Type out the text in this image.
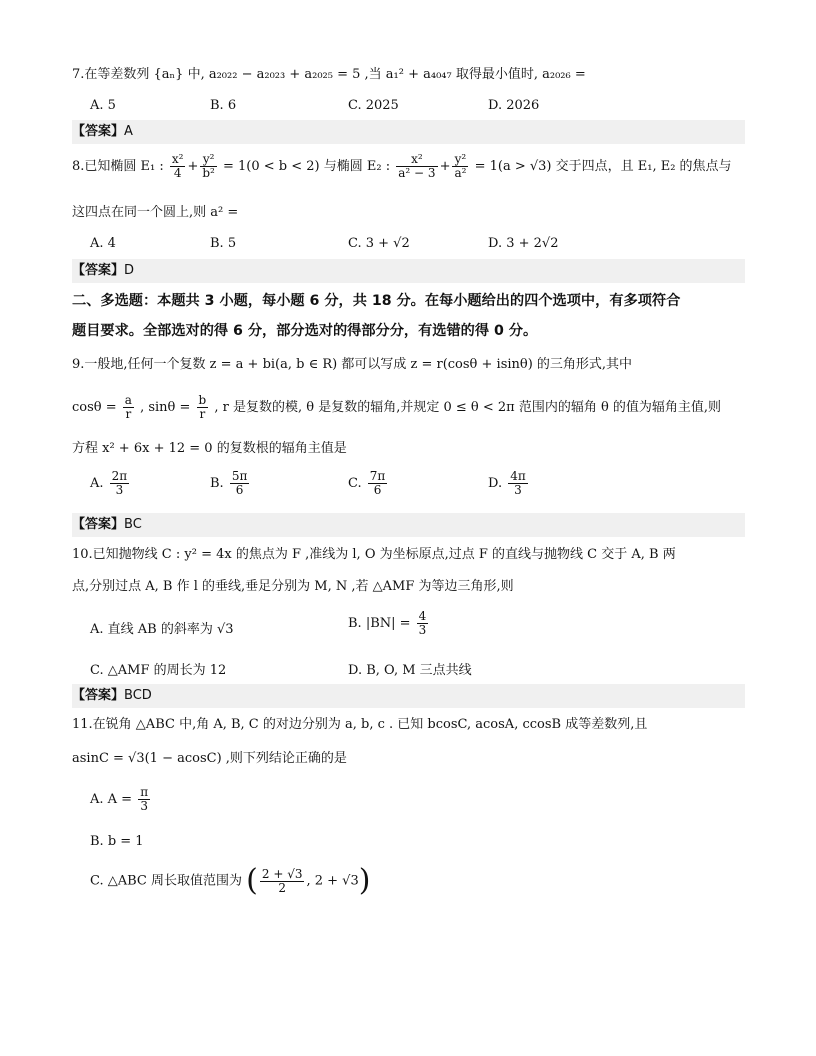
7.在等差数列 {aₙ} 中, a₂₀₂₂ − a₂₀₂₃ + a₂₀₂₅ = 5 ,当 a₁² + a₄₀₄₇ 取得最小值时, a₂₀₂₆ =
A. 5	B. 6	C. 2025	D. 2026
【答案】A
8.已知椭圆 E₁ : $\frac{\text{x²}}{4} + \frac{\text{y²}}{\text{b²}} = 1(0 < b < 2)$ 与椭圆 E₂ : $\frac{\text{x²}}{\text{a² − 3}} + \frac{\text{y²}}{\text{a²}} = 1(a > √3)$ 交于四点，且 E₁, E₂ 的焦点与
这四点在同一个圆上,则 a² =
A. 4	B. 5	C. 3 + √2	D. 3 + 2√2
【答案】D
二、多选题：本题共 3 小题，每小题 6 分，共 18 分。在每小题给出的四个选项中，有多项符合
题目要求。全部选对的得 6 分，部分选对的得部分分，有选错的得 0 分。
9.一般地,任何一个复数 z = a + bi(a, b ∈ R) 都可以写成 z = r(cosθ + isinθ) 的三角形式,其中
$\cos\theta = \frac{a}{r}$ , $\sin\theta = \frac{b}{r}$ , r 是复数的模, θ 是复数的辐角,并规定 0 ≤ θ < 2π 范围内的辐角 θ 的值为辐角主值,则
方程 x² + 6x + 12 = 0 的复数根的辐角主值是
A. $\frac{2\pi}{3}$	B. $\frac{5\pi}{6}$	C. $\frac{7\pi}{6}$	D. $\frac{4\pi}{3}$
【答案】BC
10.已知抛物线 C : y² = 4x 的焦点为 F ,准线为 l, O 为坐标原点,过点 F 的直线与抛物线 C 交于 A, B 两
点,分别过点 A, B 作 l 的垂线,垂足分别为 M, N ,若 △AMF 为等边三角形,则
A. 直线 AB 的斜率为 √3	B. $|BN| = \frac{4}{3}$
C. △AMF 的周长为 12	D. B, O, M 三点共线
【答案】BCD
11.在锐角 △ABC 中,角 A, B, C 的对边分别为 a, b, c . 已知 bcosC, acosA, ccosB 成等差数列,且
asinC = √3(1 − acosC) ,则下列结论正确的是
A. $A = \frac{\pi}{3}$
B. b = 1
C. △ABC 周长取值范围为 ( $\frac{2 + √3}{2}$ , 2 + √3)
